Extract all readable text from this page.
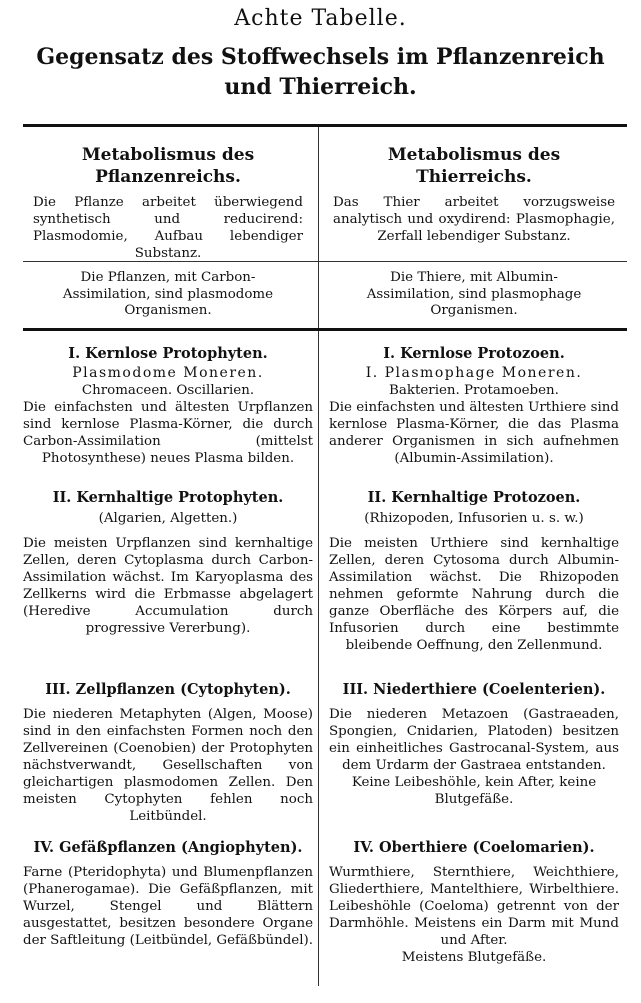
Achte Tabelle.
Gegensatz des Stoffwechsels im Pflanzenreich
und Thierreich.
Metabolismus des
Pflanzenreichs.
Die Pflanze arbeitet überwiegend synthetisch und reducirend: Plasmodomie, Aufbau lebendiger Substanz.
Metabolismus des
Thierreichs.
Das Thier arbeitet vorzugsweise analytisch und oxydirend: Plasmophagie, Zerfall lebendiger Substanz.
Die Pflanzen, mit Carbon-Assimilation, sind plasmodome Organismen.
Die Thiere, mit Albumin-Assimilation, sind plasmophage Organismen.
I. Kernlose Protophyten.
Plasmodome Moneren.
Chromaceen. Oscillarien.
Die einfachsten und ältesten Urpflanzen sind kernlose Plasma-Körner, die durch Carbon-Assimilation (mittelst Photosynthese) neues Plasma bilden.
I. Kernlose Protozoen.
I. Plasmophage Moneren.
Bakterien. Protamoeben.
Die einfachsten und ältesten Urthiere sind kernlose Plasma-Körner, die das Plasma anderer Organismen in sich aufnehmen (Albumin-Assimilation).
II. Kernhaltige Protophyten.
(Algarien, Algetten.)
Die meisten Urpflanzen sind kernhaltige Zellen, deren Cytoplasma durch Carbon-Assimilation wächst. Im Karyoplasma des Zellkerns wird die Erbmasse abgelagert (Heredive Accumulation durch progressive Vererbung).
II. Kernhaltige Protozoen.
(Rhizopoden, Infusorien u. s. w.)
Die meisten Urthiere sind kernhaltige Zellen, deren Cytosoma durch Albumin-Assimilation wächst. Die Rhizopoden nehmen geformte Nahrung durch die ganze Oberfläche des Körpers auf, die Infusorien durch eine bestimmte bleibende Oeffnung, den Zellenmund.
III. Zellpflanzen (Cytophyten).
Die niederen Metaphyten (Algen, Moose) sind in den einfachsten Formen noch den Zellvereinen (Coenobien) der Protophyten nächstverwandt, Gesellschaften von gleichartigen plasmodomen Zellen. Den meisten Cytophyten fehlen noch Leitbündel.
III. Niederthiere (Coelenterien).
Die niederen Metazoen (Gastraeaden, Spongien, Cnidarien, Platoden) besitzen ein einheitliches Gastrocanal-System, aus dem Urdarm der Gastraea entstanden.
Keine Leibeshöhle, kein After, keine Blutgefäße.
IV. Gefäßpflanzen (Angiophyten).
Farne (Pteridophyta) und Blumenpflanzen (Phanerogamae). Die Gefäßpflanzen, mit Wurzel, Stengel und Blättern ausgestattet, besitzen besondere Organe der Saftleitung (Leitbündel, Gefäßbündel).
IV. Oberthiere (Coelomarien).
Wurmthiere, Sternthiere, Weichthiere, Gliederthiere, Mantelthiere, Wirbelthiere. Leibeshöhle (Coeloma) getrennt von der Darmhöhle. Meistens ein Darm mit Mund und After.
Meistens Blutgefäße.
